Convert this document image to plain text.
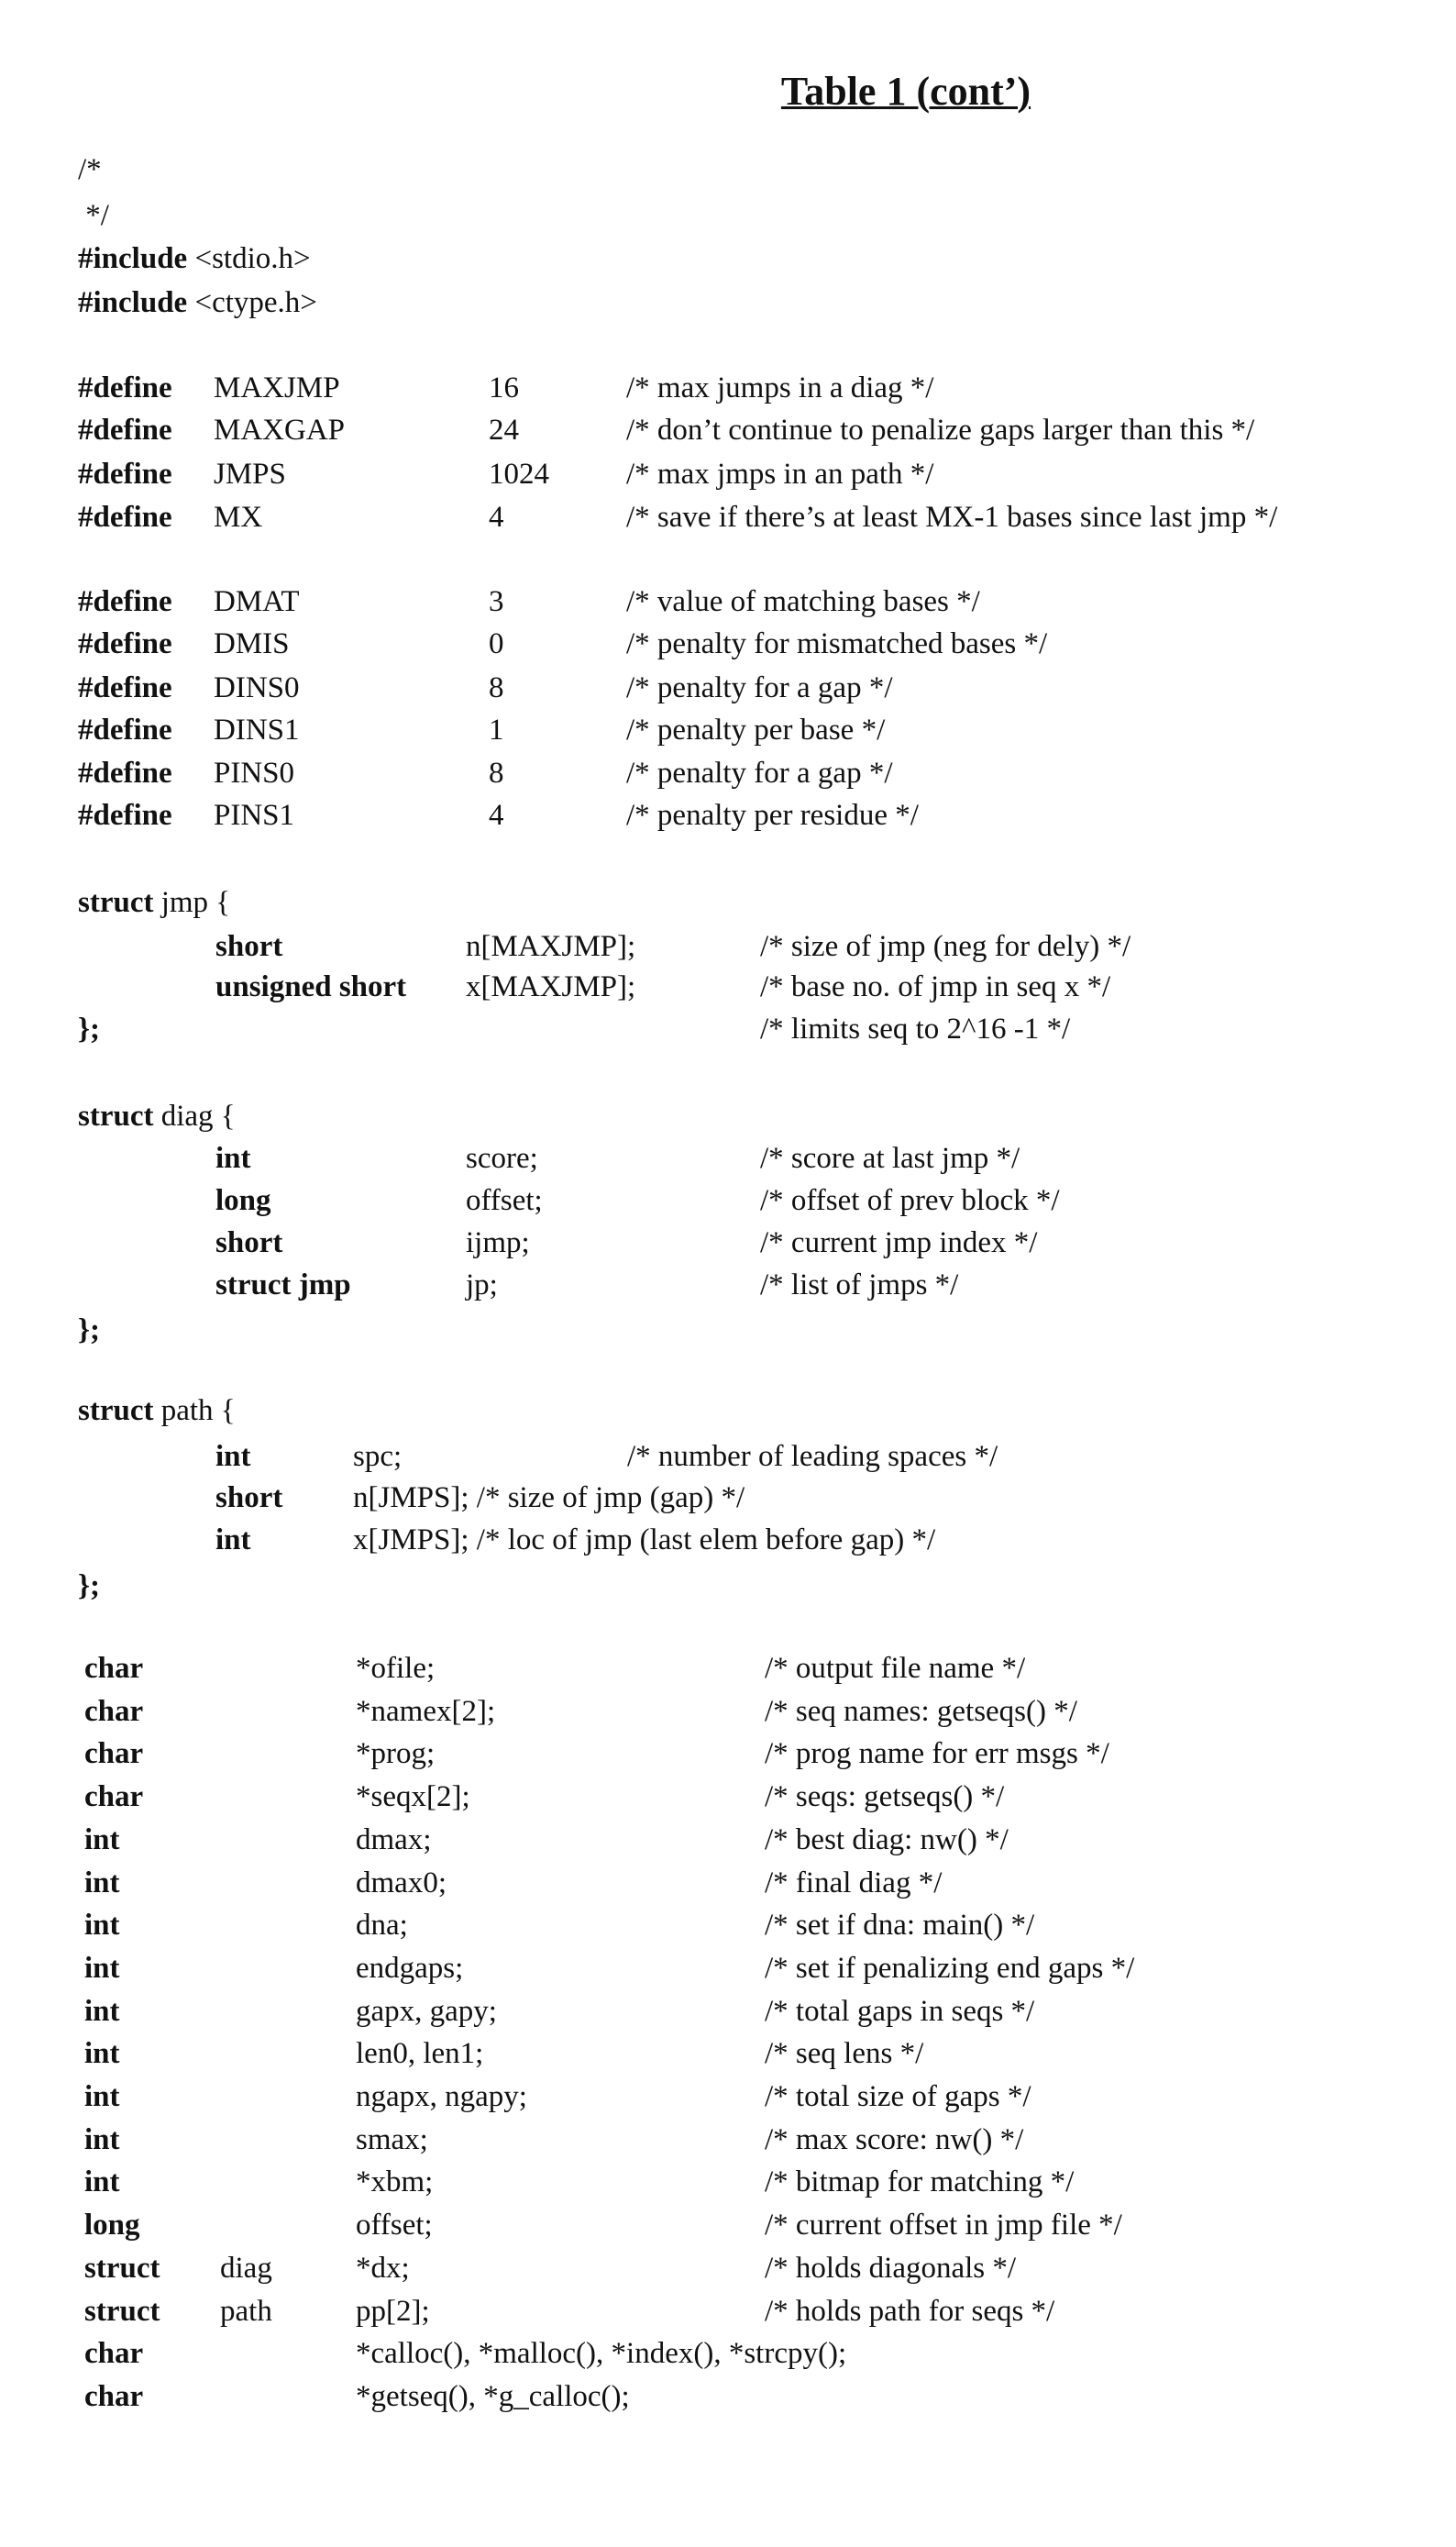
Table 1 (cont’)
/*
*/
#include <stdio.h>
#include <ctype.h>
#define MAXJMP	16	/* max jumps in a diag */
#define MAXGAP	24	/* don’t continue to penalize gaps larger than this */
#define JMPS	1024	/* max jmps in an path */
#define MX	4	/* save if there’s at least MX-1 bases since last jmp */
#define DMAT	3	/* value of matching bases */
#define DMIS	0	/* penalty for mismatched bases */
#define DINS0	8	/* penalty for a gap */
#define DINS1	1	/* penalty per base */
#define PINS0	8	/* penalty for a gap */
#define PINS1	4	/* penalty per residue */
struct jmp {
short	n[MAXJMP];	/* size of jmp (neg for dely) */
unsigned short x[MAXJMP];	/* base no. of jmp in seq x */
};	/* limits seq to 2^16 -1 */
struct diag {
int	score;	/* score at last jmp */
long	offset;	/* offset of prev block */
short	ijmp;	/* current jmp index */
struct jmp	jp;	/* list of jmps */
};
struct path {
int	spc;	/* number of leading spaces */
short n[JMPS]; /* size of jmp (gap) */
int	x[JMPS]; /* loc of jmp (last elem before gap) */
};
char	*ofile;	/* output file name */
char	*namex[2];	/* seq names: getseqs() */
char	*prog;	/* prog name for err msgs */
char	*seqx[2];	/* seqs: getseqs() */
int	dmax;	/* best diag: nw() */
int	dmax0;	/* final diag */
int	dna;	/* set if dna: main() */
int	endgaps;	/* set if penalizing end gaps */
int	gapx, gapy;	/* total gaps in seqs */
int	len0, len1;	/* seq lens */
int	ngapx, ngapy;	/* total size of gaps */
int	smax;	/* max score: nw() */
int	*xbm;	/* bitmap for matching */
long	offset;	/* current offset in jmp file */
struct diag	*dx;	/* holds diagonals */
struct path	pp[2];	/* holds path for seqs */
char	*calloc(), *malloc(), *index(), *strcpy();
char	*getseq(), *g_calloc();
